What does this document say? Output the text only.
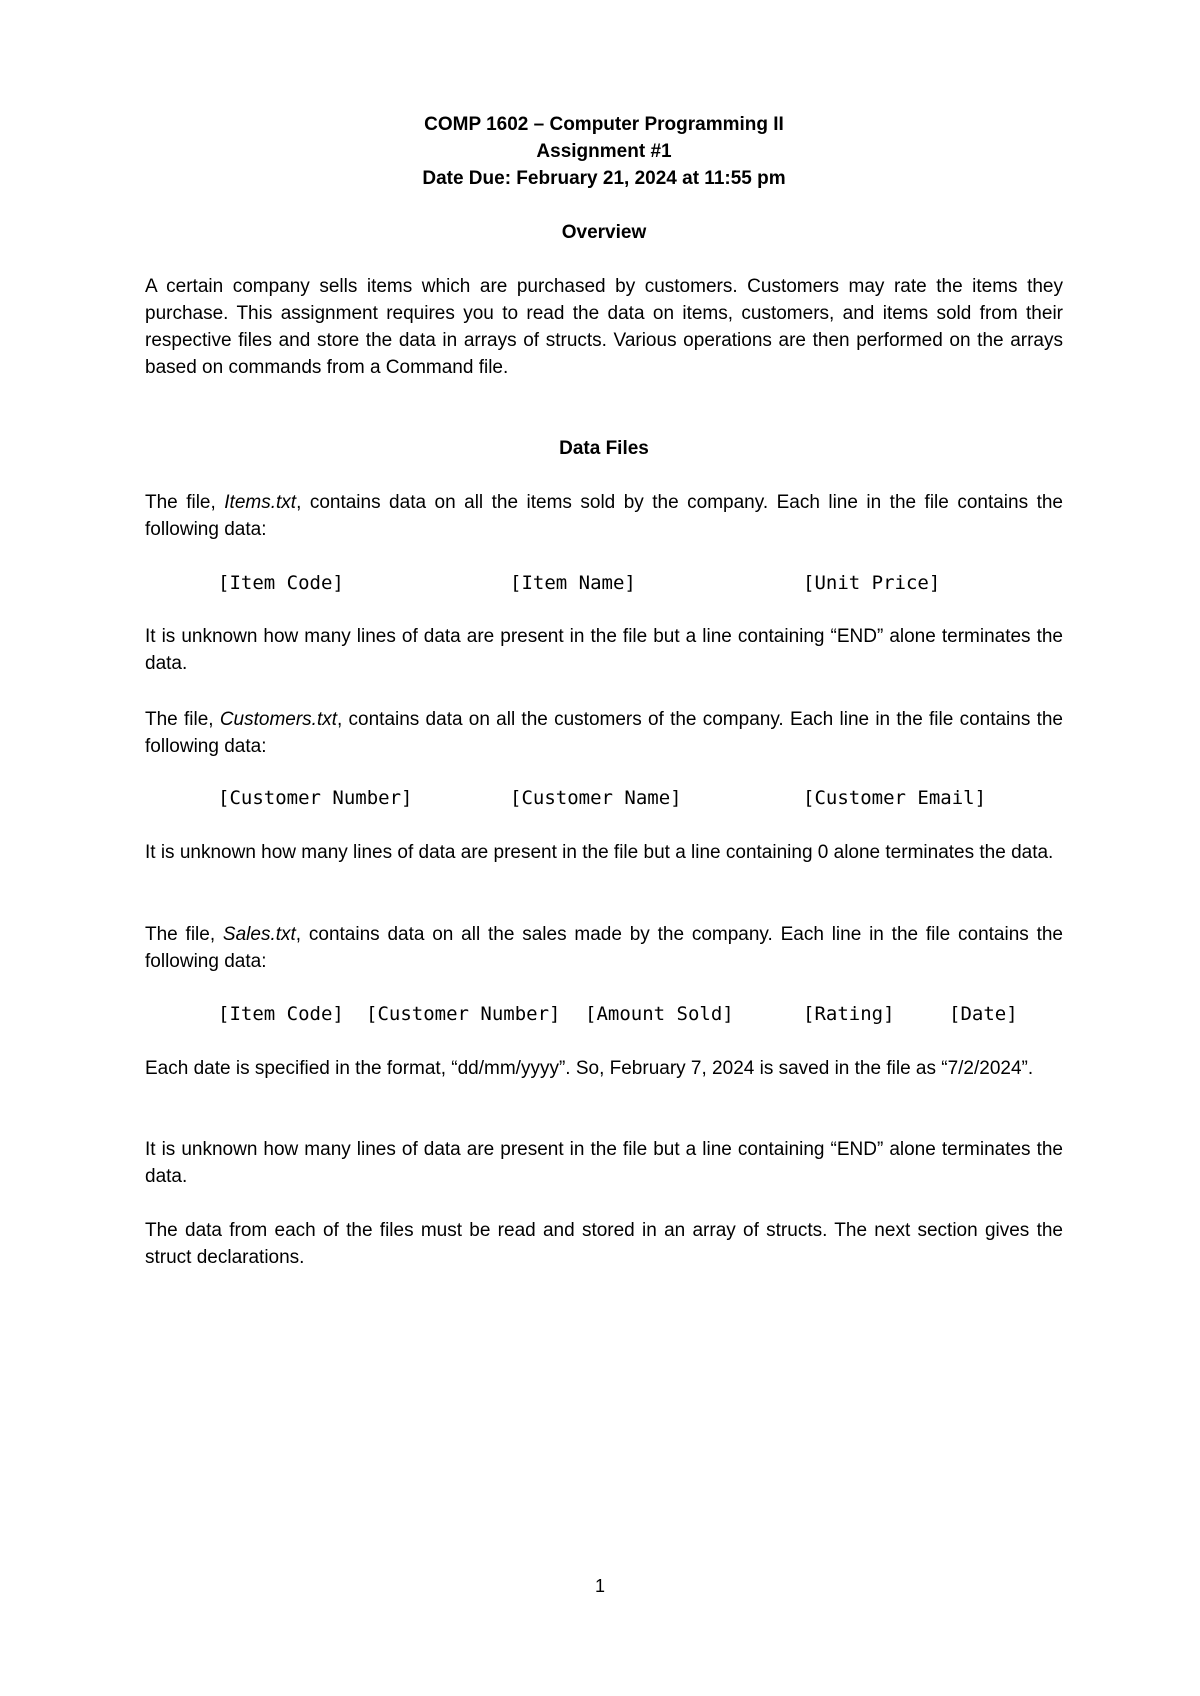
COMP 1602 – Computer Programming II
Assignment #1
Date Due: February 21, 2024 at 11:55 pm
Overview
A certain company sells items which are purchased by customers. Customers may rate the items they purchase. This assignment requires you to read the data on items, customers, and items sold from their respective files and store the data in arrays of structs. Various operations are then performed on the arrays based on commands from a Command file.
Data Files
The file, Items.txt, contains data on all the items sold by the company. Each line in the file contains the following data:
[Item Code]	[Item Name]	[Unit Price]
It is unknown how many lines of data are present in the file but a line containing “END” alone terminates the data.
The file, Customers.txt, contains data on all the customers of the company. Each line in the file contains the following data:
[Customer Number]	[Customer Name]	[Customer Email]
It is unknown how many lines of data are present in the file but a line containing 0 alone terminates the data.
The file, Sales.txt, contains data on all the sales made by the company. Each line in the file contains the following data:
[Item Code] [Customer Number] [Amount Sold]	[Rating]	[Date]
Each date is specified in the format, “dd/mm/yyyy”. So, February 7, 2024 is saved in the file as “7/2/2024”.
It is unknown how many lines of data are present in the file but a line containing “END” alone terminates the data.
The data from each of the files must be read and stored in an array of structs. The next section gives the struct declarations.
1
